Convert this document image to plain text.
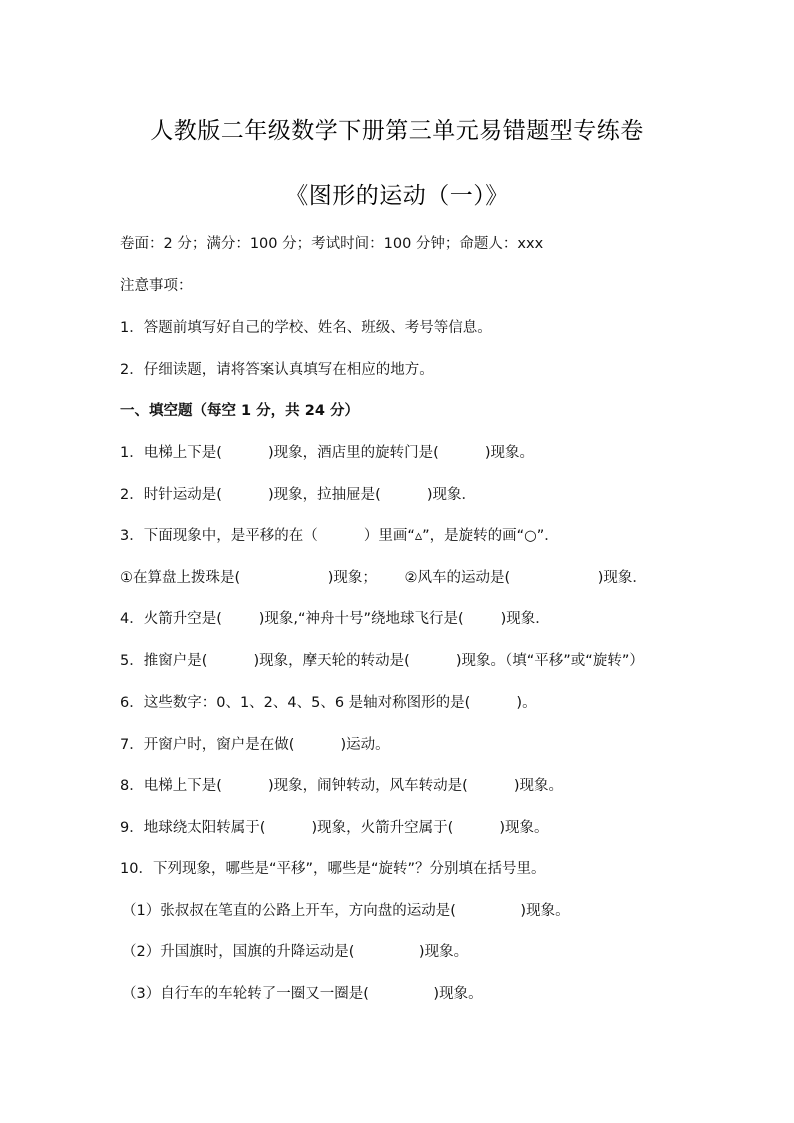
人教版二年级数学下册第三单元易错题型专练卷
《图形的运动（一）》
卷面：2 分；满分：100 分；考试时间：100 分钟；命题人：xxx
注意事项：
1．答题前填写好自己的学校、姓名、班级、考号等信息。
2．仔细读题，请将答案认真填写在相应的地方。
一、填空题（每空 1 分，共 24 分）
1．电梯上下是(          )现象，酒店里的旋转门是(          )现象。
2．时针运动是(          )现象，拉抽屉是(          )现象．
3．下面现象中，是平移的在（          ）里画“▵”，是旋转的画“○”．
①在算盘上拨珠是(                   )现象；      ②风车的运动是(                   )现象．
4．火箭升空是(        )现象,“神舟十号”绕地球飞行是(        )现象．
5．推窗户是(          )现象，摩天轮的转动是(          )现象。（填“平移”或“旋转”）
6．这些数字：0、1、2、4、5、6 是轴对称图形的是(          )。
7．开窗户时，窗户是在做(          )运动。
8．电梯上下是(          )现象，闹钟转动，风车转动是(          )现象。
9．地球绕太阳转属于(          )现象，火箭升空属于(          )现象。
10．下列现象，哪些是“平移”，哪些是“旋转”？分别填在括号里。
（1）张叔叔在笔直的公路上开车，方向盘的运动是(              )现象。
（2）升国旗时，国旗的升降运动是(              )现象。
（3）自行车的车轮转了一圈又一圈是(              )现象。
